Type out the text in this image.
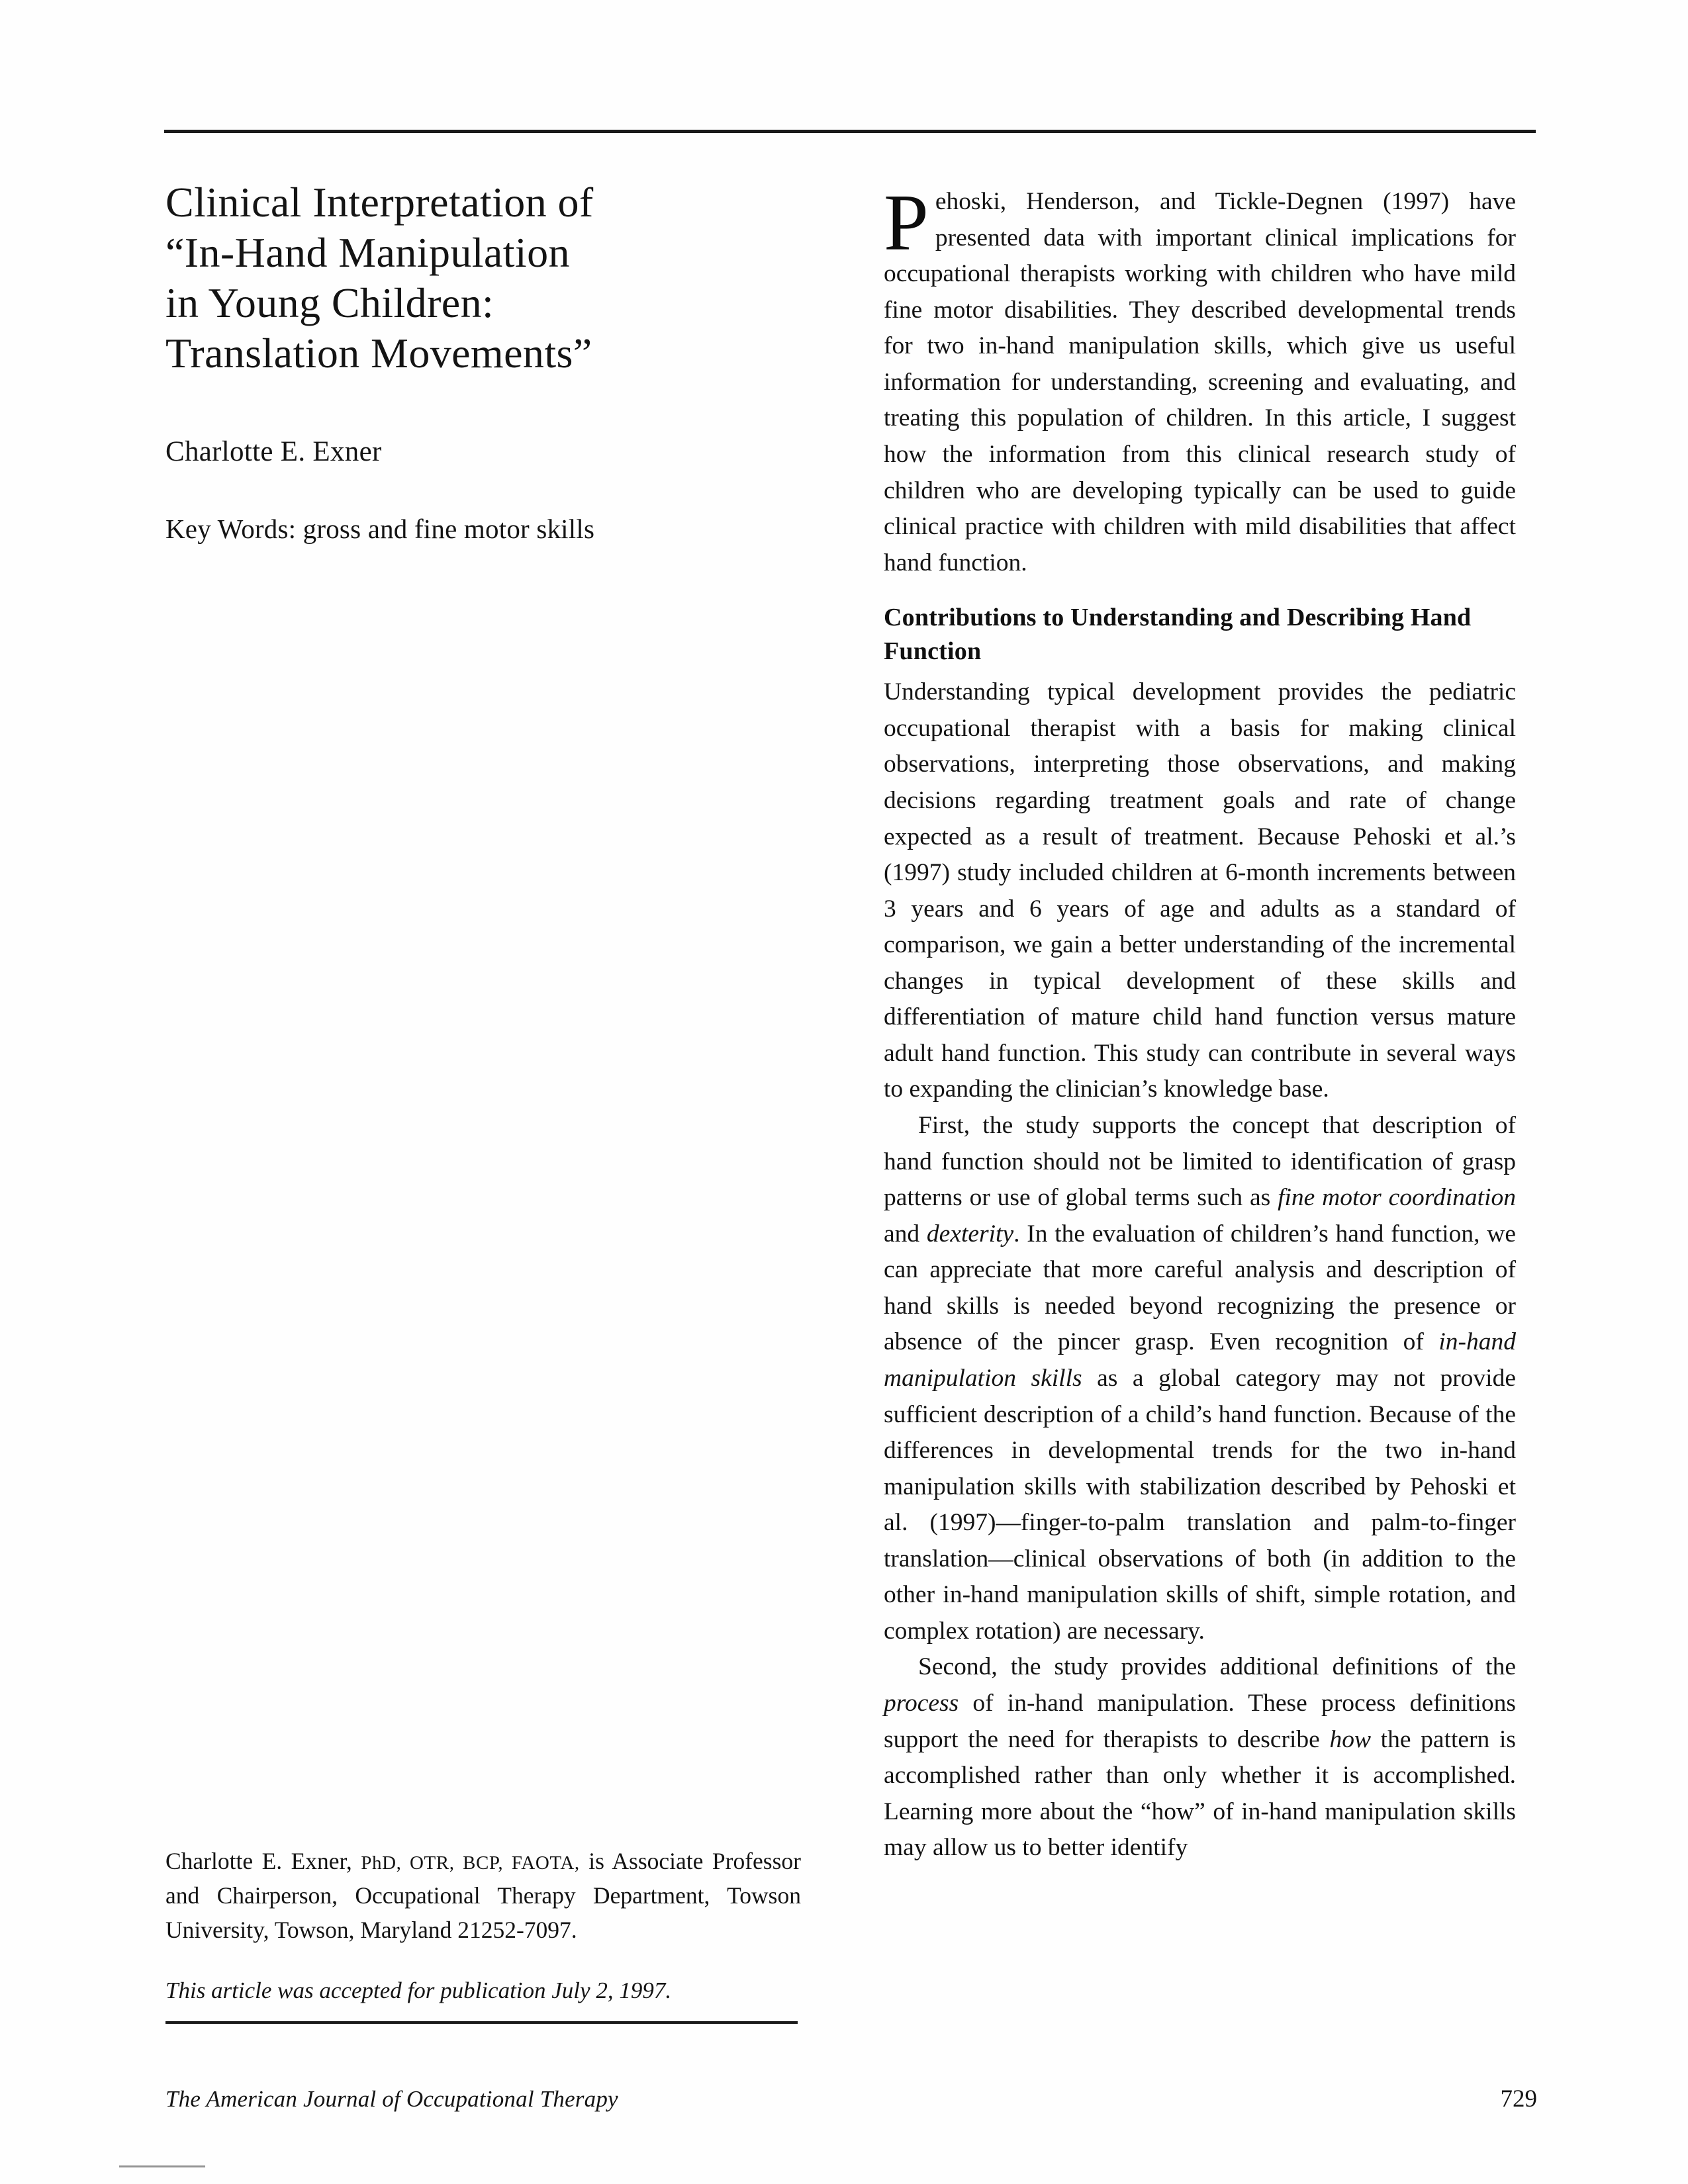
Clinical Interpretation of
“In-Hand Manipulation
in Young Children:
Translation Movements”
Charlotte E. Exner
Key Words: gross and fine motor skills
Charlotte E. Exner, PhD, OTR, BCP, FAOTA, is Associate Professor and Chairperson, Occupational Therapy Department, Towson University, Towson, Maryland 21252-7097.
This article was accepted for publication July 2, 1997.

Pehoski, Henderson, and Tickle-Degnen (1997) have presented data with important clinical implications for occupational therapists working with children who have mild fine motor disabilities. They described developmental trends for two in-hand manipulation skills, which give us useful information for understanding, screening and evaluating, and treating this population of children. In this article, I suggest how the information from this clinical research study of children who are developing typically can be used to guide clinical practice with children with mild disabilities that affect hand function.

Contributions to Understanding and Describing Hand Function

Understanding typical development provides the pediatric occupational therapist with a basis for making clinical observations, interpreting those observations, and making decisions regarding treatment goals and rate of change expected as a result of treatment. Because Pehoski et al.’s (1997) study included children at 6-month increments between 3 years and 6 years of age and adults as a standard of comparison, we gain a better understanding of the incremental changes in typical development of these skills and differentiation of mature child hand function versus mature adult hand function. This study can contribute in several ways to expanding the clinician’s knowledge base.

First, the study supports the concept that description of hand function should not be limited to identification of grasp patterns or use of global terms such as fine motor coordination and dexterity. In the evaluation of children’s hand function, we can appreciate that more careful analysis and description of hand skills is needed beyond recognizing the presence or absence of the pincer grasp. Even recognition of in-hand manipulation skills as a global category may not provide sufficient description of a child’s hand function. Because of the differences in developmental trends for the two in-hand manipulation skills with stabilization described by Pehoski et al. (1997)—finger-to-palm translation and palm-to-finger translation—clinical observations of both (in addition to the other in-hand manipulation skills of shift, simple rotation, and complex rotation) are necessary.

Second, the study provides additional definitions of the process of in-hand manipulation. These process definitions support the need for therapists to describe how the pattern is accomplished rather than only whether it is accomplished. Learning more about the “how” of in-hand manipulation skills may allow us to better identify

The American Journal of Occupational Therapy	729
